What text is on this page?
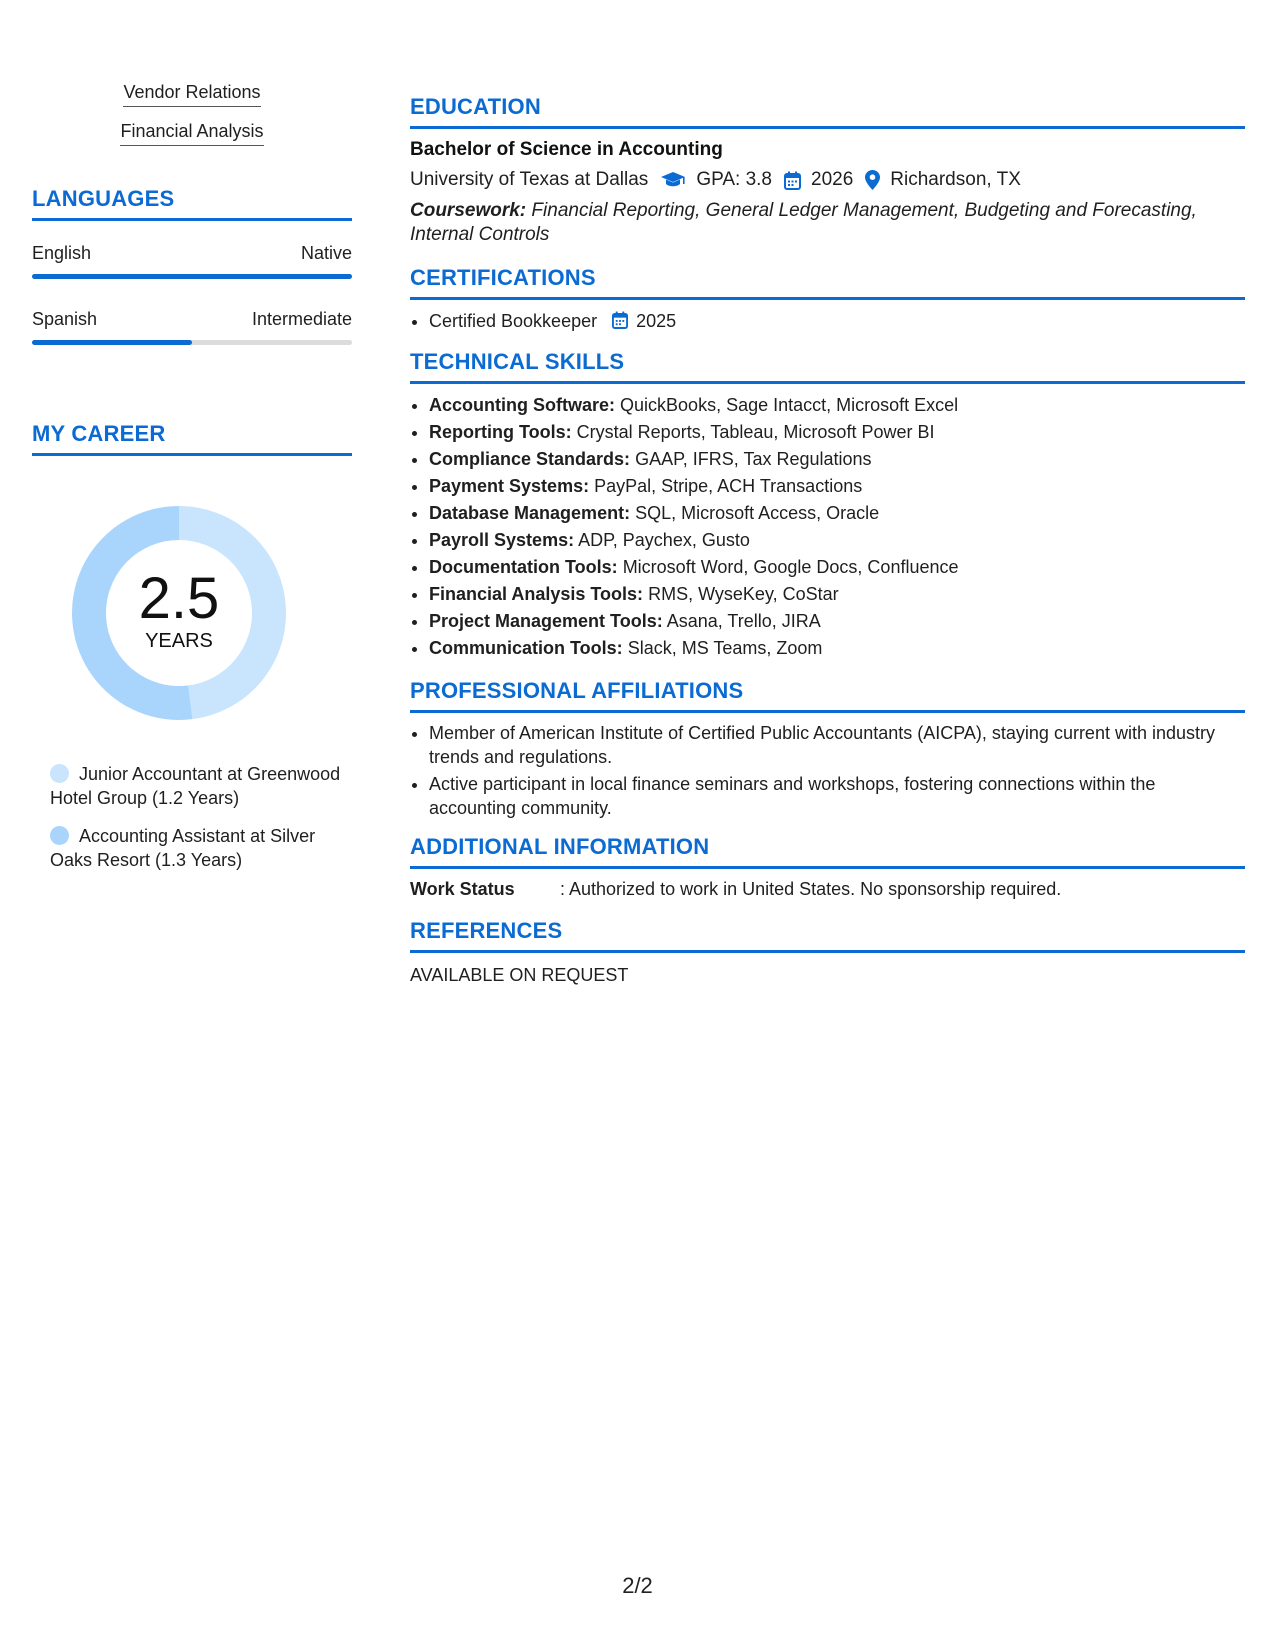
Vendor Relations
Financial Analysis
LANGUAGES
English	Native
Spanish	Intermediate
MY CAREER
2.5
YEARS
Junior Accountant at Greenwood Hotel Group (1.2 Years)
Accounting Assistant at Silver Oaks Resort (1.3 Years)
EDUCATION
Bachelor of Science in Accounting
University of Texas at Dallas	GPA: 3.8 2026 Richardson, TX
Coursework: Financial Reporting, General Ledger Management, Budgeting and Forecasting, Internal Controls
CERTIFICATIONS
• Certified Bookkeeper 2025
TECHNICAL SKILLS
• Accounting Software: QuickBooks, Sage Intacct, Microsoft Excel
• Reporting Tools: Crystal Reports, Tableau, Microsoft Power BI
• Compliance Standards: GAAP, IFRS, Tax Regulations
• Payment Systems: PayPal, Stripe, ACH Transactions
• Database Management: SQL, Microsoft Access, Oracle
• Payroll Systems: ADP, Paychex, Gusto
• Documentation Tools: Microsoft Word, Google Docs, Confluence
• Financial Analysis Tools: RMS, WyseKey, CoStar
• Project Management Tools: Asana, Trello, JIRA
• Communication Tools: Slack, MS Teams, Zoom
PROFESSIONAL AFFILIATIONS
• Member of American Institute of Certified Public Accountants (AICPA), staying current with industry trends and regulations.
• Active participant in local finance seminars and workshops, fostering connections within the accounting community.
ADDITIONAL INFORMATION
Work Status	: Authorized to work in United States. No sponsorship required.
REFERENCES
AVAILABLE ON REQUEST
2/2
